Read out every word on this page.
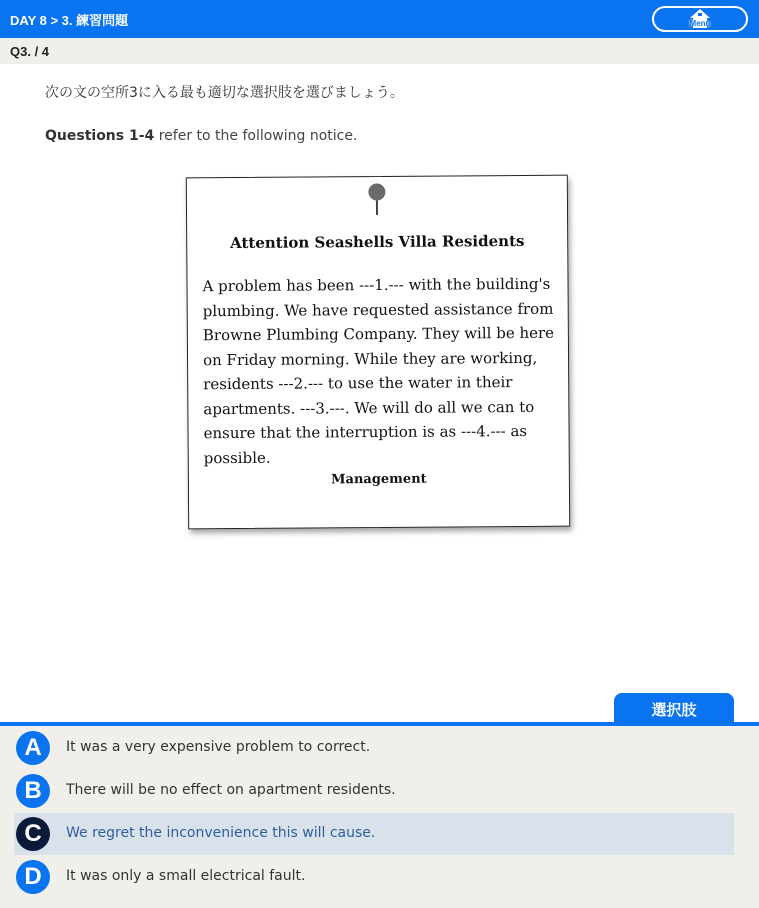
DAY 8 > 3. 練習問題	Menu
Q3. / 4
次の文の空所3に入る最も適切な選択肢を選びましょう。
Questions 1-4 refer to the following notice.
Attention Seashells Villa Residents
A problem has been ---1.--- with the building's plumbing. We have requested assistance from Browne Plumbing Company. They will be here on Friday morning. While they are working, residents ---2.--- to use the water in their apartments. ---3.---. We will do all we can to ensure that the interruption is as ---4.--- as possible.
Management
選択肢
A	It was a very expensive problem to correct.
B	There will be no effect on apartment residents.
C	We regret the inconvenience this will cause.
D	It was only a small electrical fault.
